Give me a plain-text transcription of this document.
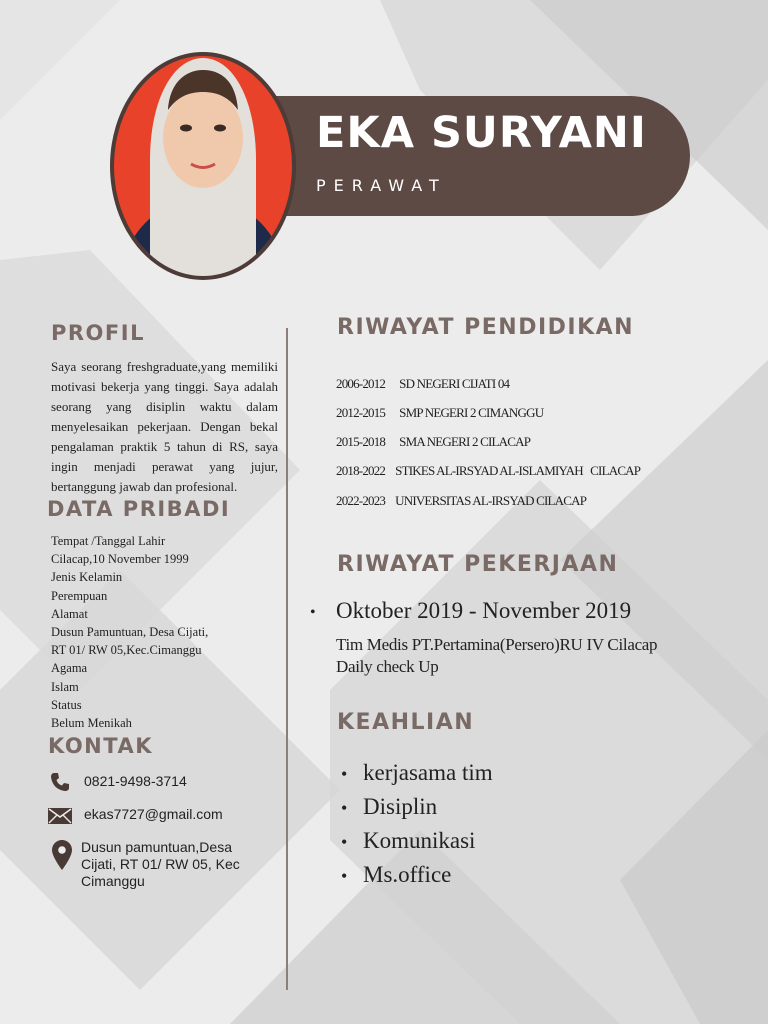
EKA SURYANI
PERAWAT
PROFIL
Saya seorang freshgraduate,yang memiliki motivasi bekerja yang tinggi. Saya adalah seorang yang disiplin waktu dalam menyelesaikan pekerjaan. Dengan bekal pengalaman praktik 5 tahun di RS, saya ingin menjadi perawat yang jujur, bertanggung jawab dan profesional.
DATA PRIBADI
Tempat /Tanggal Lahir
Cilacap,10 November 1999
Jenis Kelamin
Perempuan
Alamat
Dusun Pamuntuan, Desa Cijati,
RT 01/ RW 05,Kec.Cimanggu
Agama
Islam
Status
Belum Menikah
KONTAK
0821-9498-3714
ekas7727@gmail.com
Dusun pamuntuan,Desa
Cijati, RT 01/ RW 05, Kec
Cimanggu
RIWAYAT PENDIDIKAN
2006-2012 SD NEGERI CIJATI 04
2012-2015 SMP NEGERI 2 CIMANGGU
2015-2018 SMA NEGERI 2 CILACAP
2018-2022 STIKES AL-IRSYAD AL-ISLAMIYAH   CILACAP
2022-2023 UNIVERSITAS AL-IRSYAD CILACAP
RIWAYAT PEKERJAAN
• Oktober 2019 - November 2019
Tim Medis PT.Pertamina(Persero)RU IV Cilacap Daily check Up
KEAHLIAN
• kerjasama tim
• Disiplin
• Komunikasi
• Ms.office
